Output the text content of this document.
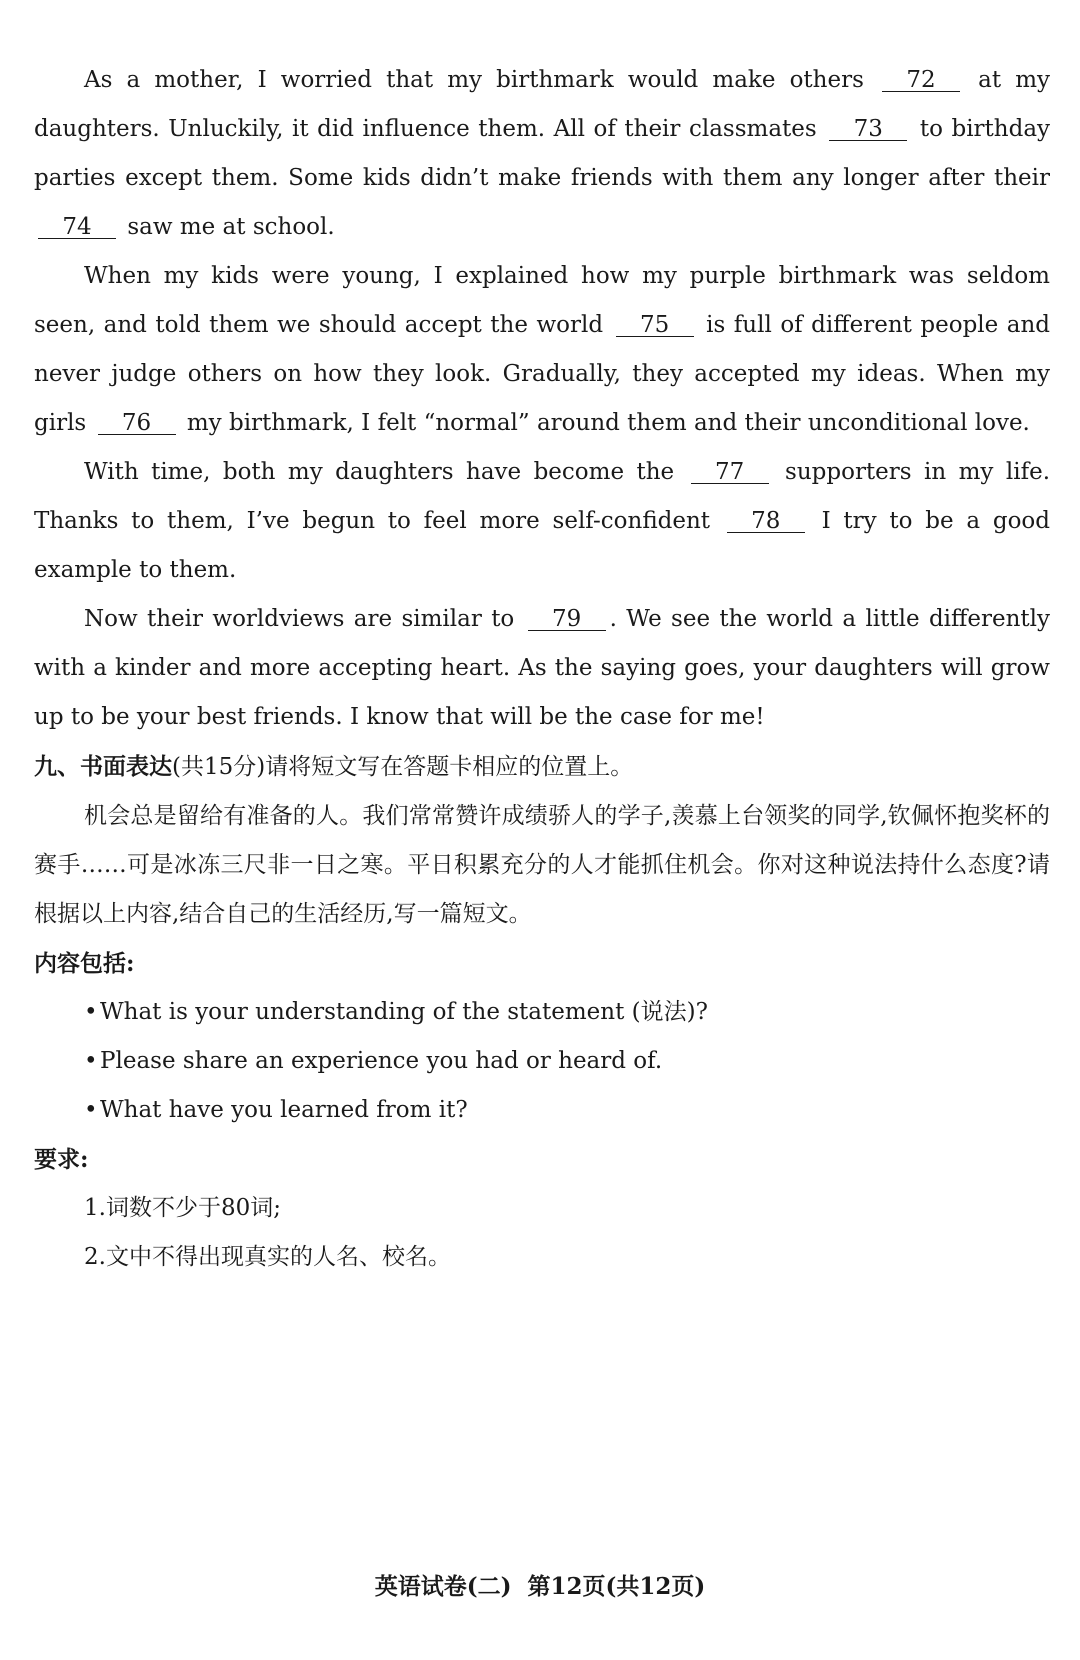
As a mother, I worried that my birthmark would make others 72 at my daughters. Unluckily, it did influence them. All of their classmates 73 to birthday parties except them. Some kids didn’t make friends with them any longer after their 74 saw me at school.

When my kids were young, I explained how my purple birthmark was seldom seen, and told them we should accept the world 75 is full of different people and never judge others on how they look. Gradually, they accepted my ideas. When my girls 76 my birthmark, I felt “normal” around them and their unconditional love.

With time, both my daughters have become the 77 supporters in my life. Thanks to them, I’ve begun to feel more self-confident 78 I try to be a good example to them.

Now their worldviews are similar to 79 . We see the world a little differently with a kinder and more accepting heart. As the saying goes, your daughters will grow up to be your best friends. I know that will be the case for me!

九、书面表达(共15分)请将短文写在答题卡相应的位置上。

机会总是留给有准备的人。我们常常赞许成绩骄人的学子,羡慕上台领奖的同学,钦佩怀抱奖杯的赛手……可是冰冻三尺非一日之寒。平日积累充分的人才能抓住机会。你对这种说法持什么态度?请根据以上内容,结合自己的生活经历,写一篇短文。

内容包括:

• What is your understanding of the statement (说法)?

• Please share an experience you had or heard of.

• What have you learned from it?

要求:

1.词数不少于80词;

2.文中不得出现真实的人名、校名。

英语试卷(二)  第12页(共12页)
